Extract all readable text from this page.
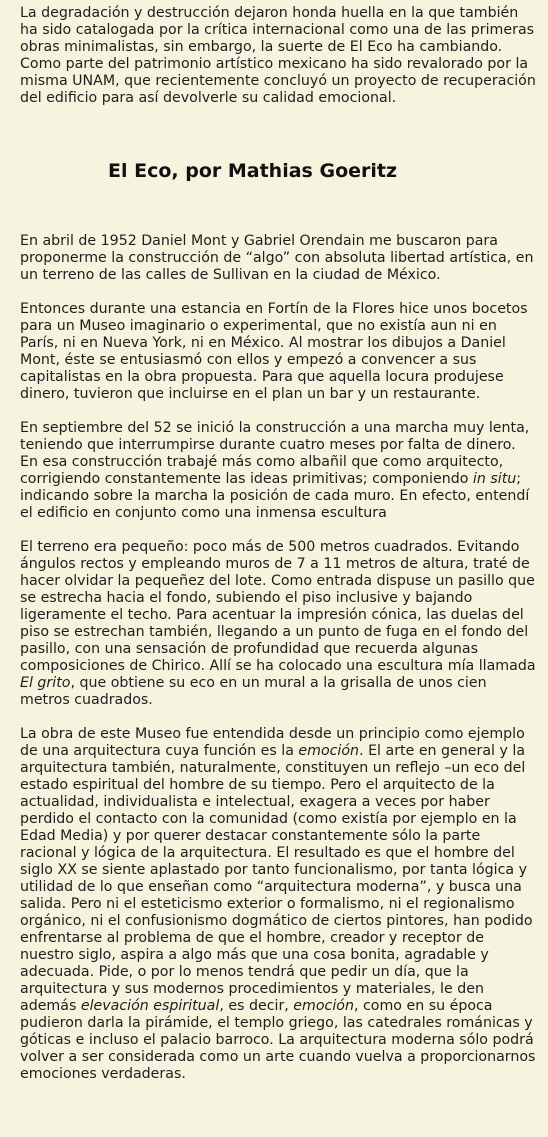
La degradación y destrucción dejaron honda huella en la que también ha sido catalogada por la crítica internacional como una de las primeras obras minimalistas, sin embargo, la suerte de El Eco ha cambiando. Como parte del patrimonio artístico mexicano ha sido revalorado por la misma UNAM, que recientemente concluyó un proyecto de recuperación del edificio para así devolverle su calidad emocional.

El Eco, por Mathias Goeritz

En abril de 1952 Daniel Mont y Gabriel Orendain me buscaron para proponerme la construcción de “algo” con absoluta libertad artística, en un terreno de las calles de Sullivan en la ciudad de México.

Entonces durante una estancia en Fortín de la Flores hice unos bocetos para un Museo imaginario o experimental, que no existía aun ni en París, ni en Nueva York, ni en México. Al mostrar los dibujos a Daniel Mont, éste se entusiasmó con ellos y empezó a convencer a sus capitalistas en la obra propuesta. Para que aquella locura produjese dinero, tuvieron que incluirse en el plan un bar y un restaurante.

En septiembre del 52 se inició la construcción a una marcha muy lenta, teniendo que interrumpirse durante cuatro meses por falta de dinero. En esa construcción trabajé más como albañil que como arquitecto, corrigiendo constantemente las ideas primitivas; componiendo in situ; indicando sobre la marcha la posición de cada muro. En efecto, entendí el edificio en conjunto como una inmensa escultura

El terreno era pequeño: poco más de 500 metros cuadrados. Evitando ángulos rectos y empleando muros de 7 a 11 metros de altura, traté de hacer olvidar la pequeñez del lote. Como entrada dispuse un pasillo que se estrecha hacia el fondo, subiendo el piso inclusive y bajando ligeramente el techo. Para acentuar la impresión cónica, las duelas del piso se estrechan también, llegando a un punto de fuga en el fondo del pasillo, con una sensación de profundidad que recuerda algunas composiciones de Chirico. Allí se ha colocado una escultura mía llamada El grito, que obtiene su eco en un mural a la grisalla de unos cien metros cuadrados.

La obra de este Museo fue entendida desde un principio como ejemplo de una arquitectura cuya función es la emoción. El arte en general y la arquitectura también, naturalmente, constituyen un reflejo –un eco del estado espiritual del hombre de su tiempo. Pero el arquitecto de la actualidad, individualista e intelectual, exagera a veces por haber perdido el contacto con la comunidad (como existía por ejemplo en la Edad Media) y por querer destacar constantemente sólo la parte racional y lógica de la arquitectura. El resultado es que el hombre del siglo XX se siente aplastado por tanto funcionalismo, por tanta lógica y utilidad de lo que enseñan como “arquitectura moderna”, y busca una salida. Pero ni el esteticismo exterior o formalismo, ni el regionalismo orgánico, ni el confusionismo dogmático de ciertos pintores, han podido enfrentarse al problema de que el hombre, creador y receptor de nuestro siglo, aspira a algo más que una cosa bonita, agradable y adecuada. Pide, o por lo menos tendrá que pedir un día, que la arquitectura y sus modernos procedimientos y materiales, le den además elevación espiritual, es decir, emoción, como en su época pudieron darla la pirámide, el templo griego, las catedrales románicas y góticas e incluso el palacio barroco. La arquitectura moderna sólo podrá volver a ser considerada como un arte cuando vuelva a proporcionarnos emociones verdaderas.
